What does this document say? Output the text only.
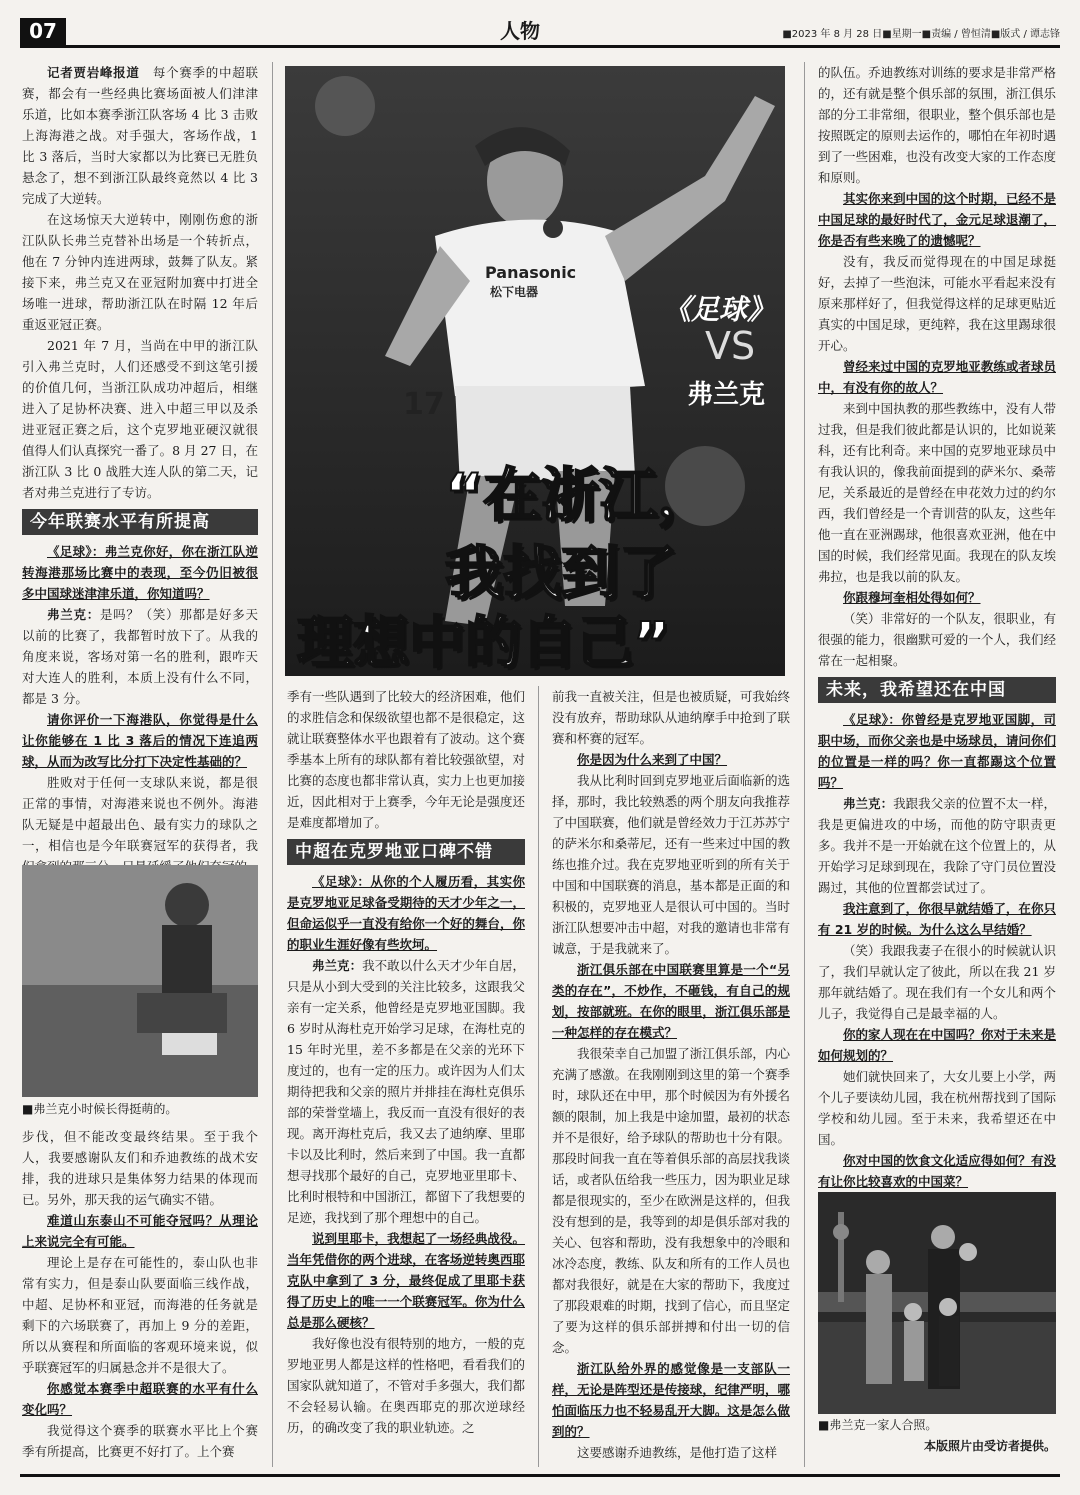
07	人物	■2023 年 8 月 28 日■星期一■责编 / 曾恒清■版式 / 谭志锋

记者贾岩峰报道　 每个赛季的中超联赛，都会有一些经典比赛场面被人们津津乐道，比如本赛季浙江队客场 4 比 3 击败上海海港之战。对手强大，客场作战，1 比 3 落后，当时大家都以为比赛已无胜负悬念了，想不到浙江队最终竟然以 4 比 3 完成了大逆转。

在这场惊天大逆转中，刚刚伤愈的浙江队队长弗兰克替补出场是一个转折点，他在 7 分钟内连进两球，鼓舞了队友。紧接下来，弗兰克又在亚冠附加赛中打进全场唯一进球，帮助浙江队在时隔 12 年后重返亚冠正赛。

2021 年 7 月，当尚在中甲的浙江队引入弗兰克时，人们还感受不到这笔引援的价值几何，当浙江队成功冲超后，相继进入了足协杯决赛、进入中超三甲以及杀进亚冠正赛之后，这个克罗地亚硬汉就很值得人们认真探究一番了。8 月 27 日，在浙江队 3 比 0 战胜大连人队的第二天，记者对弗兰克进行了专访。

今年联赛水平有所提高

《足球》：弗兰克你好，你在浙江队逆转海港那场比赛中的表现，至今仍旧被很多中国球迷津津乐道，你知道吗？

弗兰克：是吗？（笑）那都是好多天以前的比赛了，我都暂时放下了。从我的角度来说，客场对第一名的胜利，跟咋天对大连人的胜利，本质上没有什么不同，都是 3 分。

请你评价一下海港队，你觉得是什么让你能够在 1 比 3 落后的情况下连追两球，从而为改写比分打下决定性基础的？

胜败对于任何一支球队来说，都是很正常的事情，对海港来说也不例外。海港队无疑是中超最出色、最有实力的球队之一，相信也是今年联赛冠军的获得者，我

■弗兰克小时候长得挺萌的。

步伐，但不能改变最终结果。至于我个人，我要感谢队友们和乔迪教练的战术安排，我的进球只是集体努力结果的体现而已。另外，那天我的运气确实不错。

难道山东泰山不可能夺冠吗？从理论上来说完全有可能。

理论上是存在可能性的，泰山队也非常有实力，但是泰山队要面临三线作战，中超、足协杯和亚冠，而海港的任务就是剩下的六场联赛了，再加上 9 分的差距，所以从赛程和所面临的客观环境来说，似乎联赛冠军的归属悬念并不是很大了。

你感觉本赛季中超联赛的水平有什么变化吗？

我觉得这个赛季的联赛水平比上个赛季有所提高，比赛更不好打了。上个赛

Panasonic
松下电器
17
《足球》
VS
弗兰克
“在浙江，
我找到了
理想中的自己”

季有一些队遇到了比较大的经济困难，他们的求胜信念和保级欲望也都不是很稳定，这就让联赛整体水平也跟着有了波动。这个赛季基本上所有的球队都有着比较强欲望，对比赛的态度也都非常认真，实力上也更加接近，因此相对于上赛季，今年无论是强度还是难度都增加了。

中超在克罗地亚口碑不错

《足球》：从你的个人履历看，其实你是克罗地亚足球备受期待的天才少年之一，但命运似乎一直没有给你一个好的舞台，你的职业生涯好像有些坎坷。

弗兰克：我不敢以什么天才少年自居，只是从小到大受到的关注比较多，这跟我父亲有一定关系，他曾经是克罗地亚国脚。我 6 岁时从海杜克开始学习足球，在海杜克的 15 年时光里，差不多都是在父亲的光环下度过的，也有一定的压力。或许因为人们太期待把我和父亲的照片并排挂在海杜克俱乐部的荣誉堂墙上，我反而一直没有很好的表现。离开海杜克后，我又去了迪纳摩、里耶卡以及比利时，然后来到了中国。我一直都想寻找那个最好的自己，克罗地亚里耶卡、比利时根特和中国浙江，都留下了我想要的足迹，我找到了那个理想中的自己。

说到里耶卡，我想起了一场经典战役。当年凭借你的两个进球，在客场逆转奥西耶克队中拿到了 3 分，最终促成了里耶卡获得了历史上的唯一一个联赛冠军。你为什么总是那么硬核？

我好像也没有很特别的地方，一般的克罗地亚男人都是这样的性格吧，看看我们的国家队就知道了，不管对手多强大，我们都不会轻易认输。在奥西耶克的那次逆球经历，的确改变了我的职业轨迹。之

前我一直被关注，但是也被质疑，可我始终没有放弃，帮助球队从迪纳摩手中抢到了联赛和杯赛的冠军。

你是因为什么来到了中国？

我从比利时回到克罗地亚后面临新的选择，那时，我比较熟悉的两个朋友向我推荐了中国联赛，他们就是曾经效力于江苏苏宁的萨米尔和桑蒂尼，还有一些来过中国的教练也推介过。我在克罗地亚听到的所有关于中国和中国联赛的消息，基本都是正面的和积极的，克罗地亚人是很认可中国的。当时浙江队想要冲击中超，对我的邀请也非常有诚意，于是我就来了。

浙江俱乐部在中国联赛里算是一个“另类的存在”，不炒作，不砸钱，有自己的规划，按部就班。在你的眼里，浙江俱乐部是一种怎样的存在模式？

我很荣幸自己加盟了浙江俱乐部，内心充满了感激。在我刚刚到这里的第一个赛季时，球队还在中甲，那个时候因为有外援名额的限制，加上我是中途加盟，最初的状态并不是很好，给予球队的帮助也十分有限。那段时间我一直在等着俱乐部的高层找我谈话，或者队伍给我一些压力，因为职业足球都是很现实的，至少在欧洲是这样的，但我没有想到的是，我等到的却是俱乐部对我的关心、包容和帮助，没有我想象中的冷眼和冰冷态度，教练、队友和所有的工作人员也都对我很好，就是在大家的帮助下，我度过了那段艰难的时期，找到了信心，而且坚定了要为这样的俱乐部拼搏和付出一切的信念。

浙江队给外界的感觉像是一支部队一样，无论是阵型还是传接球，纪律严明，哪怕面临压力也不轻易乱开大脚。这是怎么做到的？

这要感谢乔迪教练，是他打造了这样

的队伍。乔迪教练对训练的要求是非常严格的，还有就是整个俱乐部的氛围，浙江俱乐部的分工非常细，很职业，整个俱乐部也是按照既定的原则去运作的，哪怕在年初时遇到了一些困难，也没有改变大家的工作态度和原则。

其实你来到中国的这个时期，已经不是中国足球的最好时代了，金元足球退潮了，你是否有些来晚了的遗憾呢？

没有，我反而觉得现在的中国足球挺好，去掉了一些泡沫，可能水平看起来没有原来那样好了，但我觉得这样的足球更贴近真实的中国足球，更纯粹，我在这里踢球很开心。

曾经来过中国的克罗地亚教练或者球员中，有没有你的故人？

来到中国执教的那些教练中，没有人带过我，但是我们彼此都是认识的，比如说莱科，还有比利奇。来中国的克罗地亚球员中有我认识的，像我前面提到的萨米尔、桑蒂尼，关系最近的是曾经在申花效力过的约尔西，我们曾经是一个青训营的队友，这些年他一直在亚洲踢球，他很喜欢亚洲，他在中国的时候，我们经常见面。我现在的队友埃弗拉，也是我以前的队友。

你跟穆坷奎相处得如何？

（笑）非常好的一个队友，很职业，有很强的能力，很幽默可爱的一个人，我们经常在一起相聚。

未来，我希望还在中国

《足球》：你曾经是克罗地亚国脚，司职中场，而你父亲也是中场球员，请问你们的位置是一样的吗？你一直都踢这个位置吗？

弗兰克：我跟我父亲的位置不太一样，我是更偏进攻的中场，而他的防守职责更多。我并不是一开始就在这个位置上的，从开始学习足球到现在，我除了守门员位置没踢过，其他的位置都尝试过了。

我注意到了，你很早就结婚了，在你只有 21 岁的时候。为什么这么早结婚？

（笑）我跟我妻子在很小的时候就认识了，我们早就认定了彼此，所以在我 21 岁那年就结婚了。现在我们有一个女儿和两个儿子，我觉得自己是最幸福的人。

你的家人现在在中国吗？你对于未来是如何规划的？

她们就快回来了，大女儿要上小学，两个儿子要读幼儿园，我在杭州帮找到了国际学校和幼儿园。至于未来，我希望还在中国。

你对中国的饮食文化适应得如何？有没有让你比较喜欢的中国菜？

■弗兰克一家人合照。
本版照片由受访者提供。
